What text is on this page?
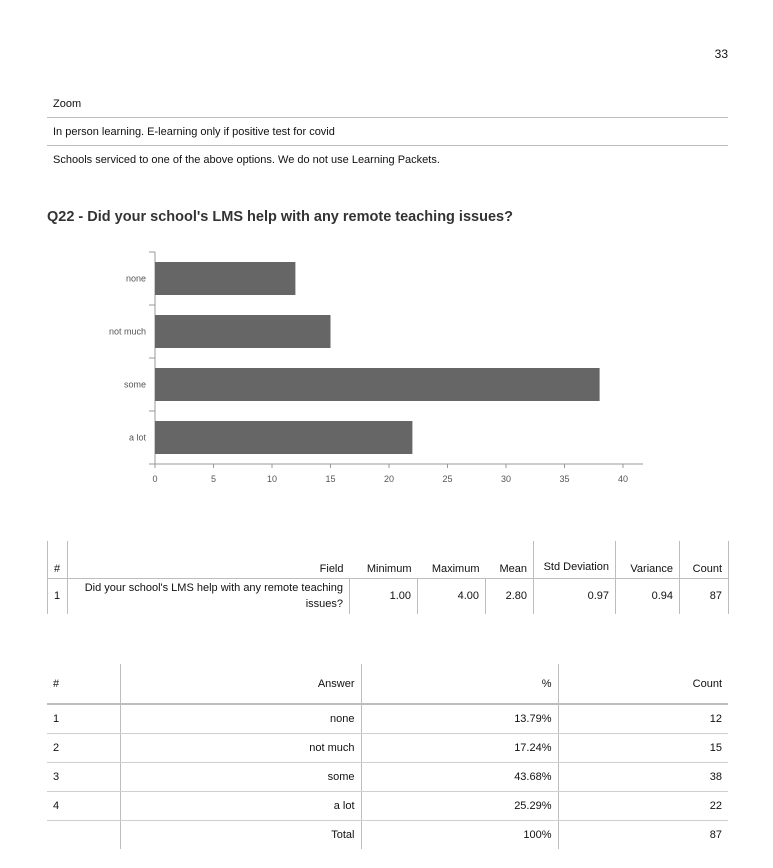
33
Zoom
In person learning. E-learning only if positive test for covid
Schools serviced to one of the above options. We do not use Learning Packets.
Q22 - Did your school's LMS help with any remote teaching issues?
none
not much
some
a lot
0	5	10	15	20	25	30	35	40
#	Field	Minimum	Maximum	Mean	Std Deviation	Variance	Count
1	Did your school's LMS help with any remote teaching issues?	1.00	4.00	2.80	0.97	0.94	87
#	Answer	%	Count
1	none	13.79%	12
2	not much	17.24%	15
3	some	43.68%	38
4	a lot	25.29%	22
	Total	100%	87
